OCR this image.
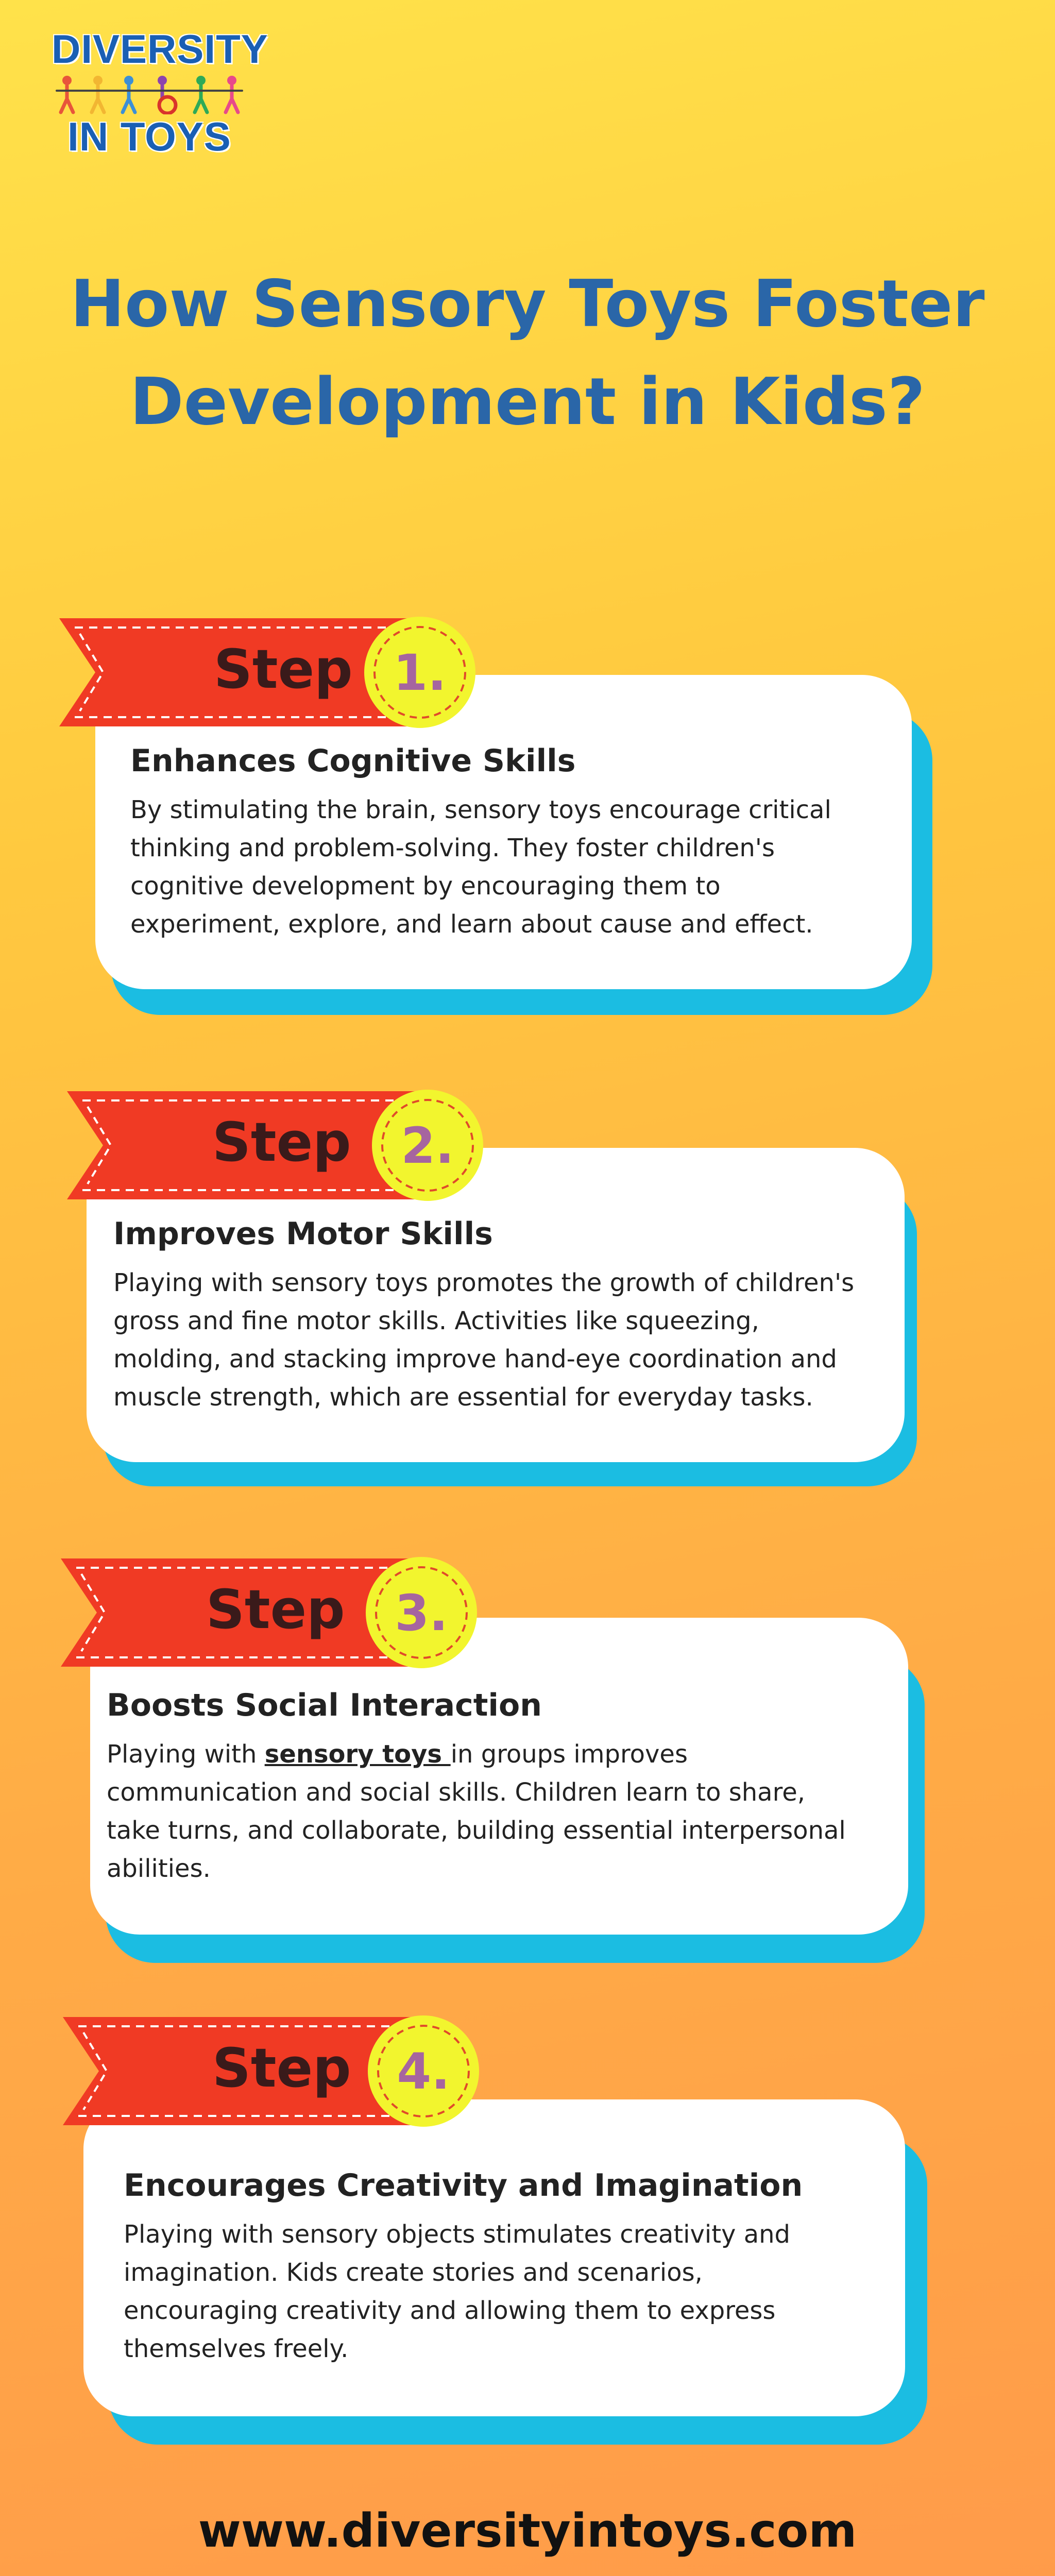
DIVERSITY
IN TOYS
How Sensory Toys Foster
Development in Kids?
Enhances Cognitive Skills

By stimulating the brain, sensory toys encourage critical
thinking and problem-solving. They foster children's
cognitive development by encouraging them to
experiment, explore, and learn about cause and effect.

Step 1.
Improves Motor Skills

Playing with sensory toys promotes the growth of children's
gross and fine motor skills. Activities like squeezing,
molding, and stacking improve hand-eye coordination and
muscle strength, which are essential for everyday tasks.

Step	2.
Boosts Social Interaction

Playing with sensory toys in groups improves
communication and social skills. Children learn to share,
take turns, and collaborate, building essential interpersonal
abilities.

Step	3.
Encourages Creativity and Imagination

Playing with sensory objects stimulates creativity and
imagination. Kids create stories and scenarios,
encouraging creativity and allowing them to express
themselves freely.

Step 4.
www.diversityintoys.com
